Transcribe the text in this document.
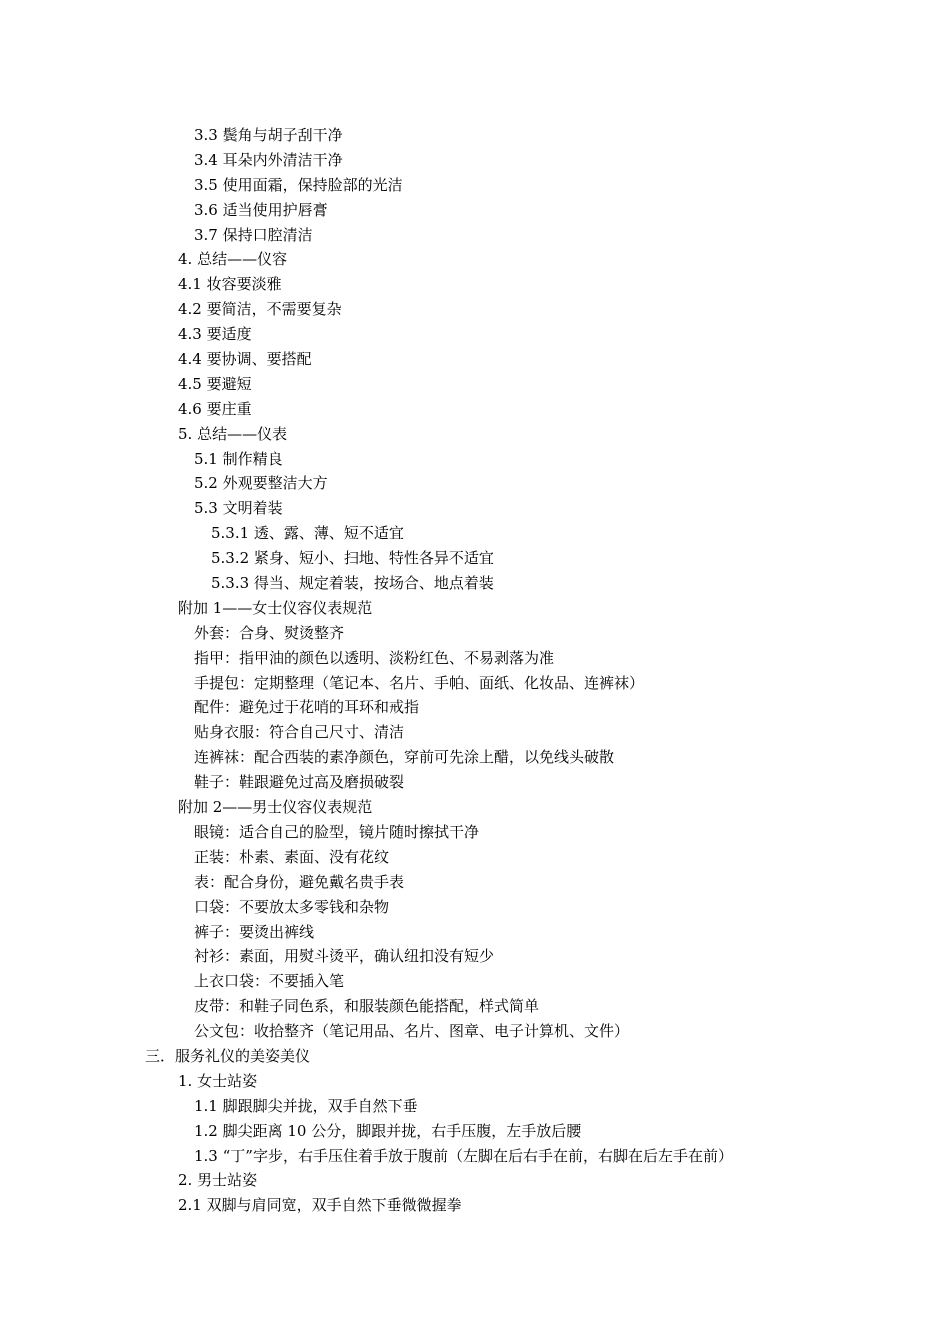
3.3 鬓角与胡子刮干净
3.4 耳朵内外清洁干净
3.5 使用面霜，保持脸部的光洁
3.6 适当使用护唇膏
3.7 保持口腔清洁
4. 总结——仪容
4.1 妆容要淡雅
4.2 要简洁，不需要复杂
4.3 要适度
4.4 要协调、要搭配
4.5 要避短
4.6 要庄重
5. 总结——仪表
5.1 制作精良
5.2 外观要整洁大方
5.3 文明着装
5.3.1 透、露、薄、短不适宜
5.3.2 紧身、短小、扫地、特性各异不适宜
5.3.3 得当、规定着装，按场合、地点着装
附加 1——女士仪容仪表规范
外套：合身、熨烫整齐
指甲：指甲油的颜色以透明、淡粉红色、不易剥落为准
手提包：定期整理（笔记本、名片、手帕、面纸、化妆品、连裤袜）
配件：避免过于花哨的耳环和戒指
贴身衣服：符合自己尺寸、清洁
连裤袜：配合西装的素净颜色，穿前可先涂上醋，以免线头破散
鞋子：鞋跟避免过高及磨损破裂
附加 2——男士仪容仪表规范
眼镜：适合自己的脸型，镜片随时擦拭干净
正装：朴素、素面、没有花纹
表：配合身份，避免戴名贵手表
口袋：不要放太多零钱和杂物
裤子：要烫出裤线
衬衫：素面，用熨斗烫平，确认纽扣没有短少
上衣口袋：不要插入笔
皮带：和鞋子同色系，和服装颜色能搭配，样式简单
公文包：收拾整齐（笔记用品、名片、图章、电子计算机、文件）
三．服务礼仪的美姿美仪
1. 女士站姿
1.1 脚跟脚尖并拢，双手自然下垂
1.2 脚尖距离 10 公分，脚跟并拢，右手压腹，左手放后腰
1.3 “丁”字步，右手压住着手放于腹前（左脚在后右手在前，右脚在后左手在前）
2. 男士站姿
2.1 双脚与肩同宽，双手自然下垂微微握拳
